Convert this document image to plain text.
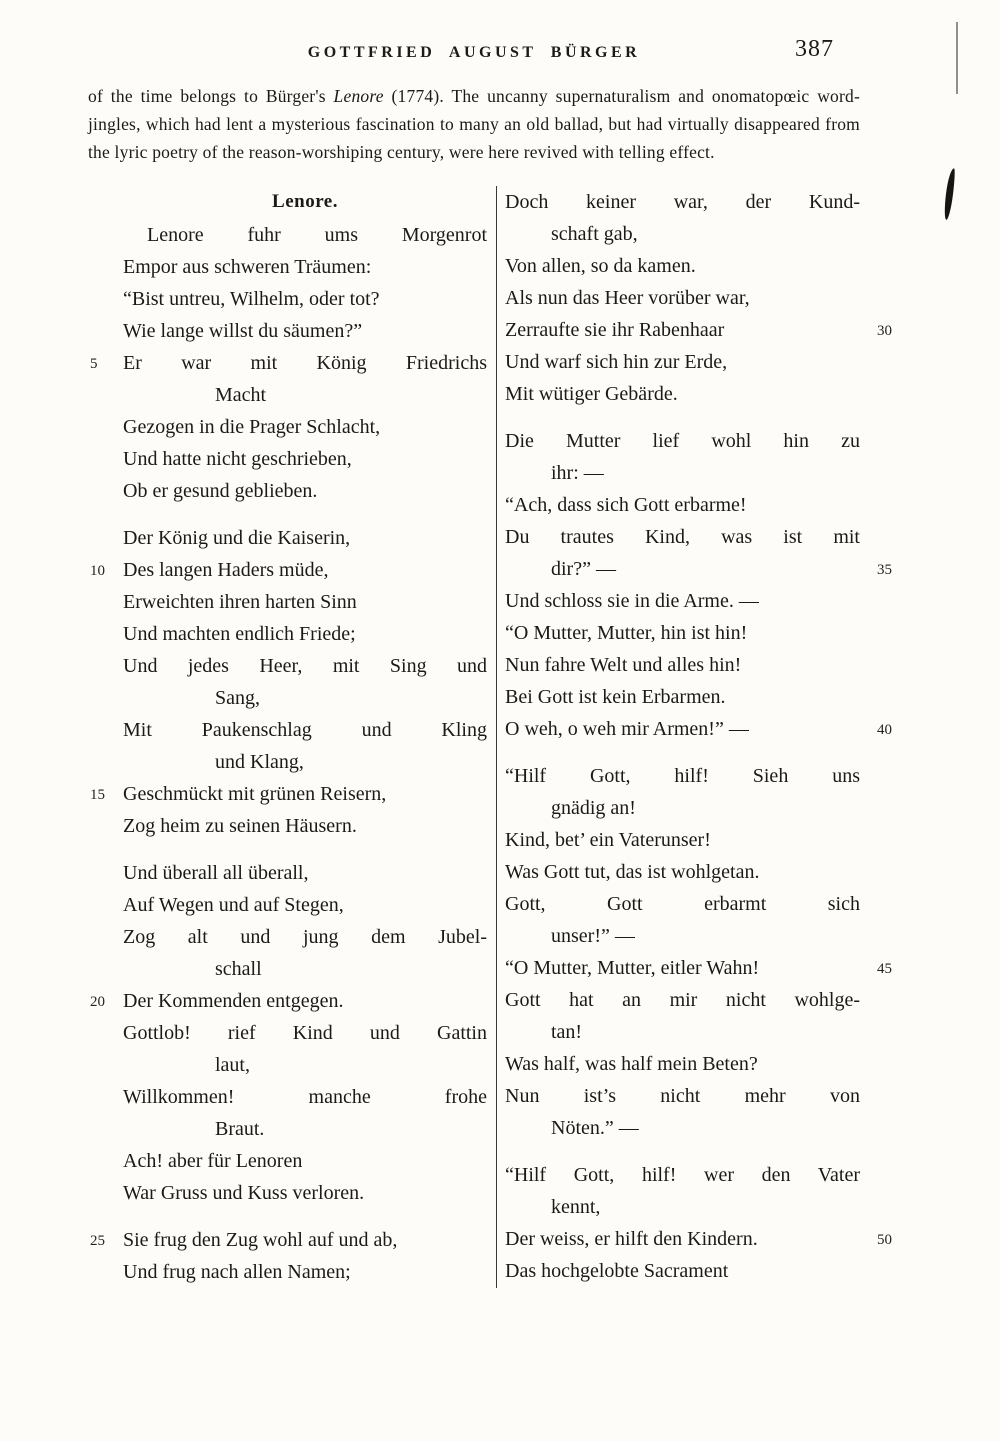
GOTTFRIED AUGUST BÜRGER	387

of the time belongs to Bürger's Lenore (1774). The uncanny supernaturalism and onomatopœic word-jingles, which had lent a mysterious fascination to many an old ballad, but had virtually disappeared from the lyric poetry of the reason-worshiping century, were here revived with telling effect.

Lenore.
Lenore fuhr ums Morgenrot
Empor aus schweren Träumen:
“Bist untreu, Wilhelm, oder tot?
Wie lange willst du säumen?”
5	Er war mit König Friedrichs
Macht
Gezogen in die Prager Schlacht,
Und hatte nicht geschrieben,
Ob er gesund geblieben.
Der König und die Kaiserin,
10 Des langen Haders müde,
Erweichten ihren harten Sinn
Und machten endlich Friede;
Und jedes Heer, mit Sing und
Sang,
Mit Paukenschlag und Kling
und Klang,
15 Geschmückt mit grünen Reisern,
Zog heim zu seinen Häusern.
Und überall all überall,
Auf Wegen und auf Stegen,
Zog alt und jung dem Jubel-
schall
20 Der Kommenden entgegen.
Gottlob! rief Kind und Gattin
laut,
Willkommen! manche frohe
Braut.
Ach! aber für Lenoren
War Gruss und Kuss verloren.
25 Sie frug den Zug wohl auf und ab,
Und frug nach allen Namen;
Doch keiner war, der Kund-
schaft gab,
Von allen, so da kamen.
Als nun das Heer vorüber war,
30
Zerraufte sie ihr Rabenhaar
Und warf sich hin zur Erde,
Mit wütiger Gebärde.
Die Mutter lief wohl hin zu
ihr: —
“Ach, dass sich Gott erbarme!
Du trautes Kind, was ist mit
35
dir?” —
Und schloss sie in die Arme. —
“O Mutter, Mutter, hin ist hin!
Nun fahre Welt und alles hin!
Bei Gott ist kein Erbarmen.
40
O weh, o weh mir Armen!” —
“Hilf Gott, hilf! Sieh uns
gnädig an!
Kind, bet’ ein Vaterunser!
Was Gott tut, das ist wohlgetan.
Gott, Gott erbarmt sich
unser!” —
45
“O Mutter, Mutter, eitler Wahn!
Gott hat an mir nicht wohlge-
tan!
Was half, was half mein Beten?
Nun ist’s nicht mehr von
Nöten.” —
“Hilf Gott, hilf! wer den Vater
kennt,
50
Der weiss, er hilft den Kindern.
Das hochgelobte Sacrament
